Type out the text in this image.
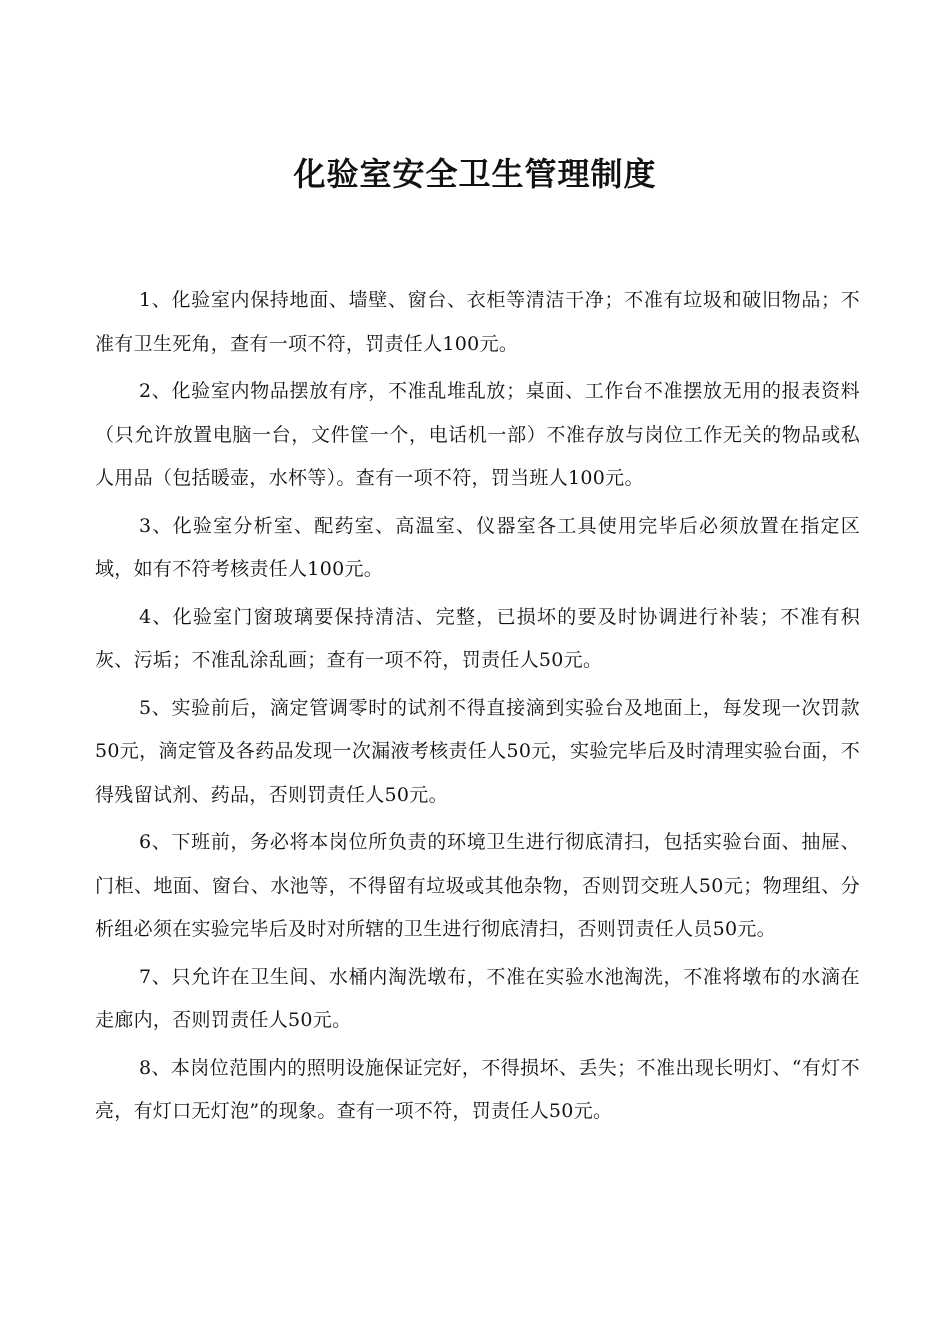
化验室安全卫生管理制度

1、化验室内保持地面、墙壁、窗台、衣柜等清洁干净；不准有垃圾和破旧物品；不准有卫生死角，查有一项不符，罚责任人100元。

2、化验室内物品摆放有序，不准乱堆乱放；桌面、工作台不准摆放无用的报表资料（只允许放置电脑一台，文件筐一个，电话机一部）不准存放与岗位工作无关的物品或私人用品（包括暖壶，水杯等）。查有一项不符，罚当班人100元。

3、化验室分析室、配药室、高温室、仪器室各工具使用完毕后必须放置在指定区域，如有不符考核责任人100元。

4、化验室门窗玻璃要保持清洁、完整，已损坏的要及时协调进行补装；不准有积灰、污垢；不准乱涂乱画；查有一项不符，罚责任人50元。

5、实验前后，滴定管调零时的试剂不得直接滴到实验台及地面上，每发现一次罚款50元，滴定管及各药品发现一次漏液考核责任人50元，实验完毕后及时清理实验台面，不得残留试剂、药品，否则罚责任人50元。

6、下班前，务必将本岗位所负责的环境卫生进行彻底清扫，包括实验台面、抽屉、门柜、地面、窗台、水池等，不得留有垃圾或其他杂物，否则罚交班人50元；物理组、分析组必须在实验完毕后及时对所辖的卫生进行彻底清扫，否则罚责任人员50元。

7、只允许在卫生间、水桶内淘洗墩布，不准在实验水池淘洗，不准将墩布的水滴在走廊内，否则罚责任人50元。

8、本岗位范围内的照明设施保证完好，不得损坏、丢失；不准出现长明灯、“有灯不亮，有灯口无灯泡”的现象。查有一项不符，罚责任人50元。
